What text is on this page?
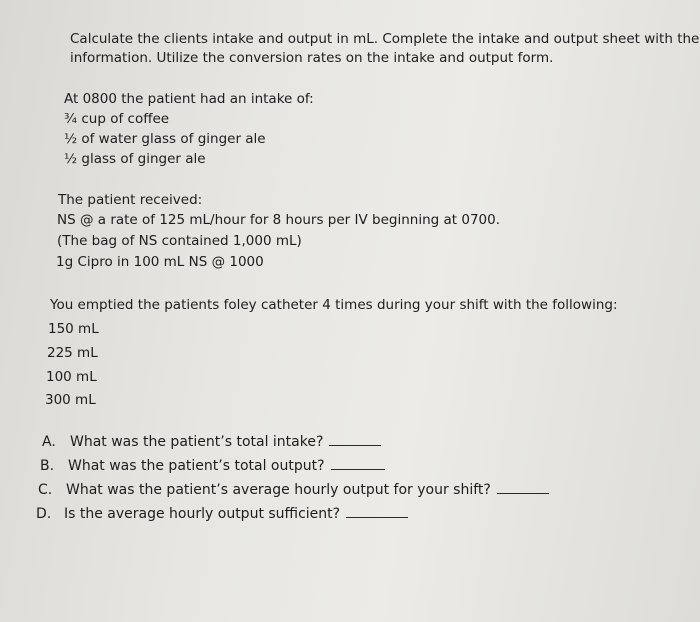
Calculate the clients intake and output in mL. Complete the intake and output sheet with the
information. Utilize the conversion rates on the intake and output form.
At 0800 the patient had an intake of:
¾ cup of coffee
½ of water glass of ginger ale
½ glass of ginger ale
The patient received:
NS @ a rate of 125 mL/hour for 8 hours per IV beginning at 0700.
(The bag of NS contained 1,000 mL)
1g Cipro in 100 mL NS @ 1000
You emptied the patients foley catheter 4 times during your shift with the following:
150 mL
225 mL
100 mL
300 mL
A. What was the patient’s total intake?
B. What was the patient’s total output?
C. What was the patient’s average hourly output for your shift?
D. Is the average hourly output sufficient?
